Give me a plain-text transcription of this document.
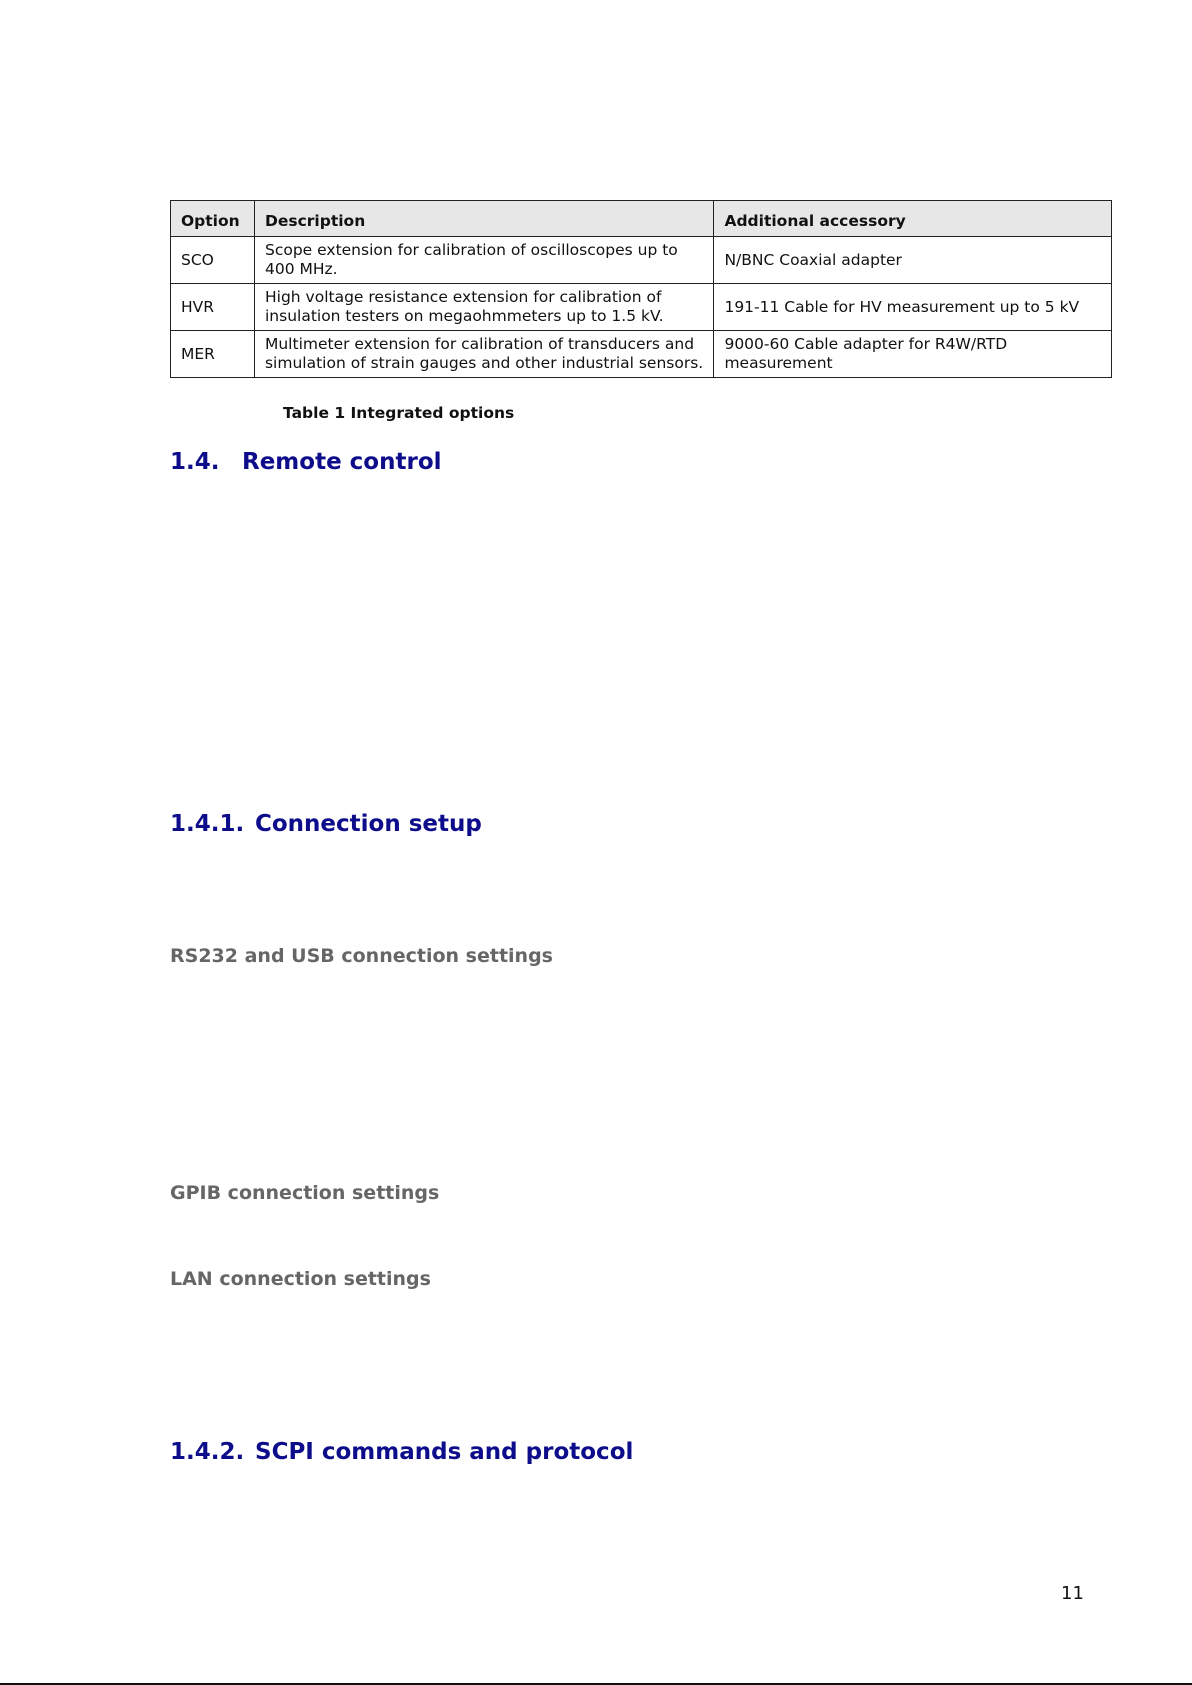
Option	Description	Additional accessory
SCO	Scope extension for calibration of oscilloscopes up to 400 MHz.	N/BNC Coaxial adapter
HVR	High voltage resistance extension for calibration of insulation testers on megaohmmeters up to 1.5 kV.	191-11 Cable for HV measurement up to 5 kV
MER	Multimeter extension for calibration of transducers and simulation of strain gauges and other industrial sensors.	9000-60 Cable adapter for R4W/RTD measurement
Table 1 Integrated options
1.4. Remote control
1.4.1. Connection setup
RS232 and USB connection settings
GPIB connection settings
LAN connection settings
1.4.2. SCPI commands and protocol
11
